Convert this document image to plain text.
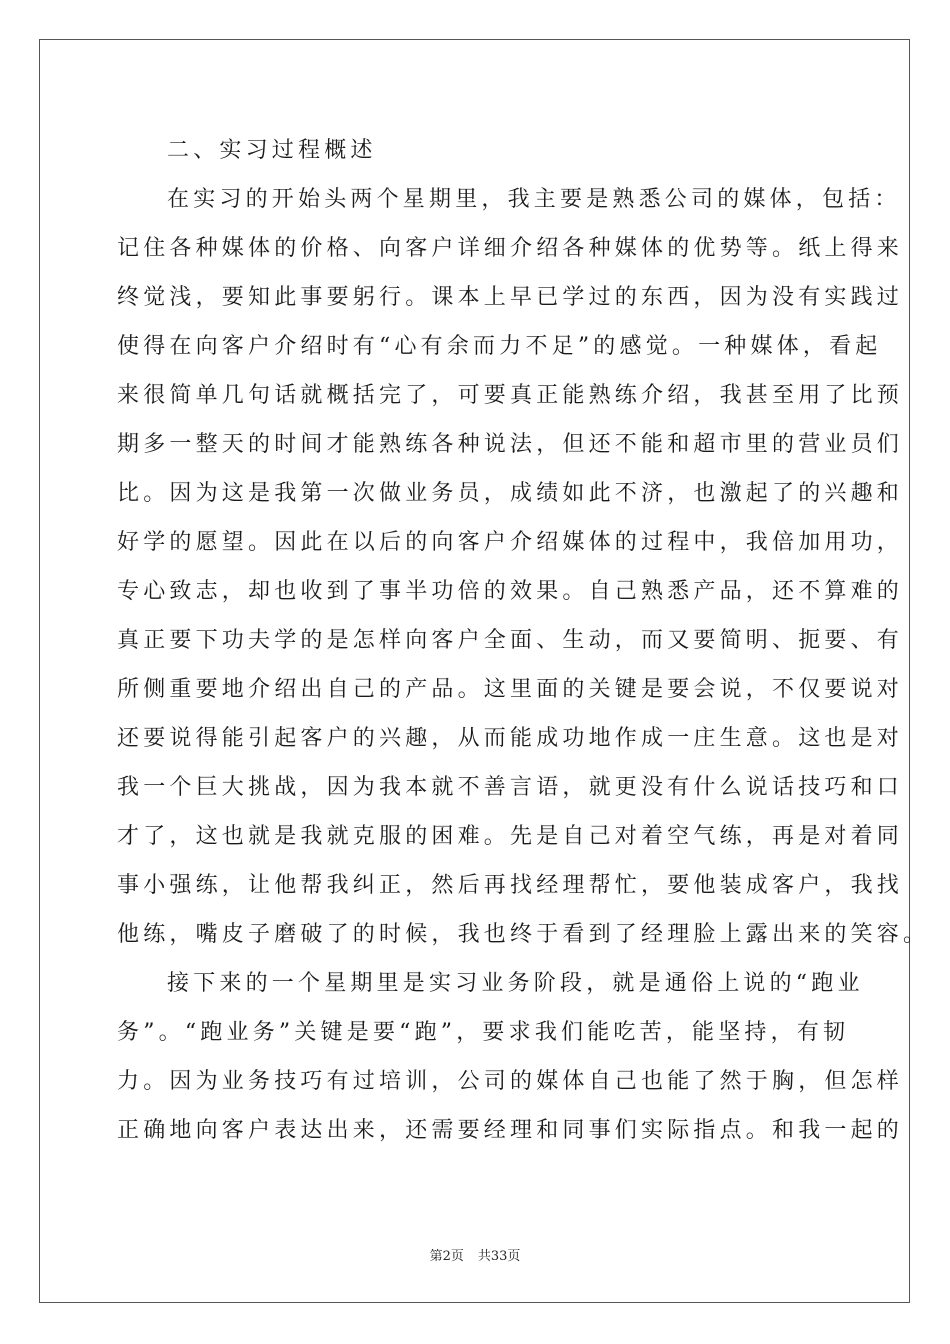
二、实习过程概述
在实习的开始头两个星期里，我主要是熟悉公司的媒体，包括：
记住各种媒体的价格、向客户详细介绍各种媒体的优势等。纸上得来
终觉浅，要知此事要躬行。课本上早已学过的东西，因为没有实践过
使得在向客户介绍时有“心有余而力不足”的感觉。一种媒体，看起
来很简单几句话就概括完了，可要真正能熟练介绍，我甚至用了比预
期多一整天的时间才能熟练各种说法，但还不能和超市里的营业员们
比。因为这是我第一次做业务员，成绩如此不济，也激起了的兴趣和
好学的愿望。因此在以后的向客户介绍媒体的过程中，我倍加用功，
专心致志，却也收到了事半功倍的效果。自己熟悉产品，还不算难的
真正要下功夫学的是怎样向客户全面、生动，而又要简明、扼要、有
所侧重要地介绍出自己的产品。这里面的关键是要会说，不仅要说对
还要说得能引起客户的兴趣，从而能成功地作成一庄生意。这也是对
我一个巨大挑战，因为我本就不善言语，就更没有什么说话技巧和口
才了，这也就是我就克服的困难。先是自己对着空气练，再是对着同
事小强练，让他帮我纠正，然后再找经理帮忙，要他装成客户，我找
他练，嘴皮子磨破了的时候，我也终于看到了经理脸上露出来的笑容。
接下来的一个星期里是实习业务阶段，就是通俗上说的“跑业
务”。“跑业务”关键是要“跑”，要求我们能吃苦，能坚持，有韧
力。因为业务技巧有过培训，公司的媒体自己也能了然于胸，但怎样
正确地向客户表达出来，还需要经理和同事们实际指点。和我一起的
第2页 共33页
